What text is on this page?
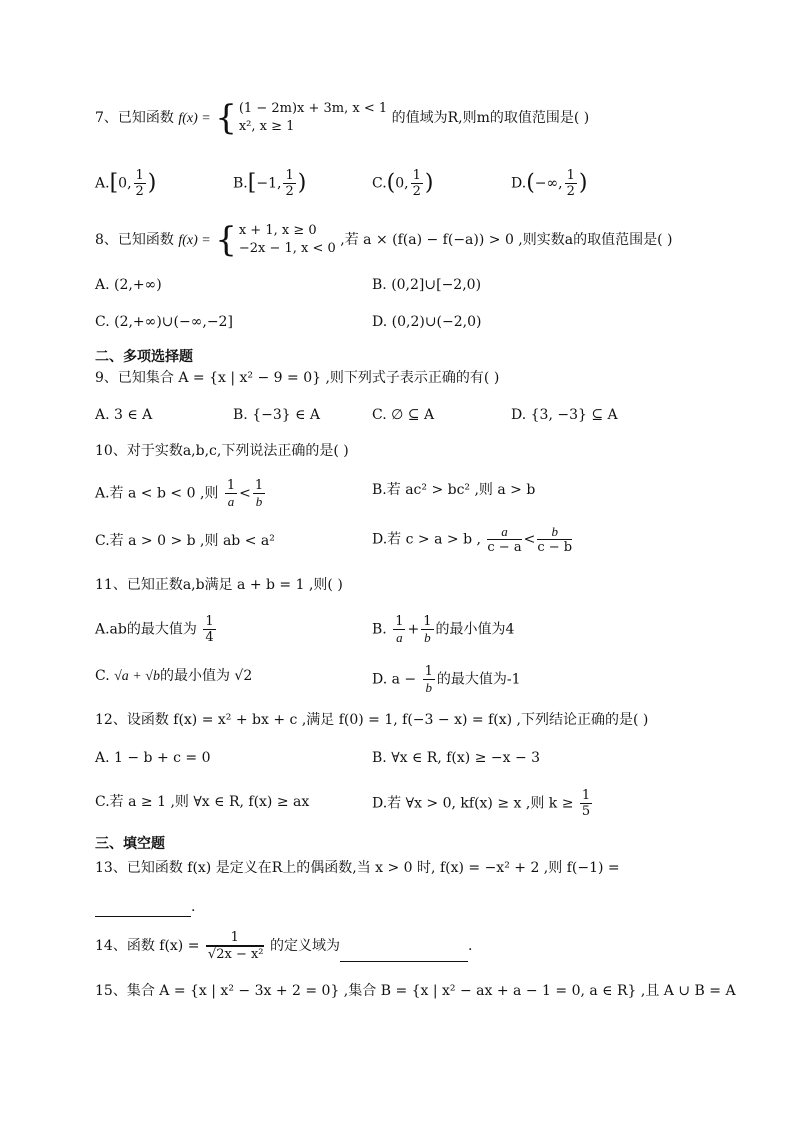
7、已知函数 f(x) = { (1 − 2m)x + 3m, x < 1
x², x ≥ 1 的值域为R,则m的取值范围是( )
A.[0, $\frac{1}{2}$ )	B.[−1, $\frac{1}{2}$ )	C.(0, $\frac{1}{2}$ )	D.(−∞, $\frac{1}{2}$ )
8、已知函数 f(x) = { x + 1, x ≥ 0
−2x − 1, x < 0 ,若 a × (f(a) − f(−a)) > 0 ,则实数a的取值范围是( )
A. (2,+∞)	B. (0,2]∪[−2,0)
C. (2,+∞)∪(−∞,−2]	D. (0,2)∪(−2,0)
二、多项选择题
9、已知集合 A = {x | x² − 9 = 0} ,则下列式子表示正确的有( )
A. 3 ∈ A	B. {−3} ∈ A	C. ∅ ⊆ A	D. {3, −3} ⊆ A
10、对于实数a,b,c,下列说法正确的是( )
A.若 a < b < 0 ,则 $\frac{1}{a} < \frac{1}{b}$	B.若 ac² > bc² ,则 a > b
C.若 a > 0 > b ,则 ab < a²	D.若 c > a > b , $\frac{a}{c - a} < \frac{b}{c - b}$
11、已知正数a,b满足 a + b = 1 ,则( )
A.ab的最大值为 $\frac{1}{4}$	B. $\frac{1}{a} + \frac{1}{b}$ 的最小值为4
C. √a + √b的最小值为 √2	D. $a - \frac{1}{b}$ 的最大值为-1
12、设函数 f(x) = x² + bx + c ,满足 f(0) = 1, f(−3 − x) = f(x) ,下列结论正确的是( )
A. 1 − b + c = 0	B. ∀x ∈ R, f(x) ≥ −x − 3
C.若 a ≥ 1 ,则 ∀x ∈ R, f(x) ≥ ax	D.若 ∀x > 0, kf(x) ≥ x ,则 $k \ge \frac{1}{5}$
三、填空题
13、已知函数 f(x) 是定义在R上的偶函数,当 x > 0 时, f(x) = −x² + 2 ,则 f(−1) =
.
14、函数 $f(x) = \frac{1}{\text{√2x − x²}}$ 的定义域为	.
15、集合 A = {x | x² − 3x + 2 = 0} ,集合 B = {x | x² − ax + a − 1 = 0, a ∈ R} ,且 A ∪ B = A
